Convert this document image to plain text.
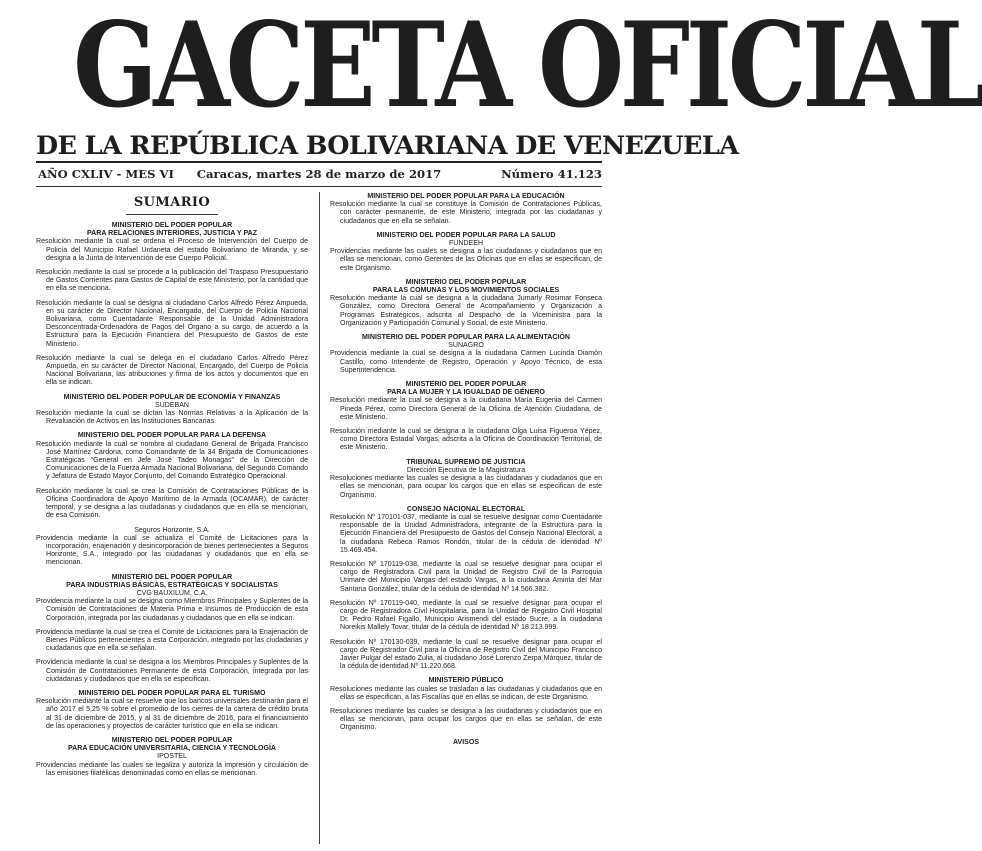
GACETA OFICIAL
DE LA REPÚBLICA BOLIVARIANA DE VENEZUELA
AÑO CXLIV - MES VI	Caracas, martes 28 de marzo de 2017	Número 41.123
SUMARIO
MINISTERIO DEL PODER POPULAR
PARA RELACIONES INTERIORES, JUSTICIA Y PAZ
Resolución mediante la cual se ordena el Proceso de Intervención del Cuerpo de Policía del Municipio Rafael Urdaneta del estado Bolivariano de Miranda, y se designa a la Junta de Intervención de ese Cuerpo Policial.
Resolución mediante la cual se procede a la publicación del Traspaso Presupuestario de Gastos Corrientes para Gastos de Capital de este Ministerio, por la cantidad que en ella se menciona.
Resolución mediante la cual se designa al ciudadano Carlos Alfredo Pérez Ampueda, en su carácter de Director Nacional, Encargado, del Cuerpo de Policía Nacional Bolivariana, como Cuentadante Responsable de la Unidad Administradora Desconcentrada-Ordenadora de Pagos del Órgano a su cargo, de acuerdo a la Estructura para la Ejecución Financiera del Presupuesto de Gastos de este Ministerio.
Resolución mediante la cual se delega en el ciudadano Carlos Alfredo Pérez Ampueda, en su carácter de Director Nacional, Encargado, del Cuerpo de Policía Nacional Bolivariana, las atribuciones y firma de los actos y documentos que en ella se indican.
MINISTERIO DEL PODER POPULAR DE ECONOMÍA Y FINANZAS
SUDEBAN
Resolución mediante la cual se dictan las Normas Relativas a la Aplicación de la Revaluación de Activos en las Instituciones Bancarias.
MINISTERIO DEL PODER POPULAR PARA LA DEFENSA
Resolución mediante la cual se nombra al ciudadano General de Brigada Francisco José Martínez Cardona, como Comandante de la 34 Brigada de Comunicaciones Estratégicas "General en Jefe José Tadeo Monagas" de la Dirección de Comunicaciones de la Fuerza Armada Nacional Bolivariana, del Segundo Comando y Jefatura de Estado Mayor Conjunto, del Comando Estratégico Operacional.
Resolución mediante la cual se crea la Comisión de Contrataciones Públicas de la Oficina Coordinadora de Apoyo Marítimo de la Armada (OCAMAR), de carácter temporal, y se designa a las ciudadanas y ciudadanos que en ella se mencionan, de esa Comisión.
Seguros Horizonte, S.A.
Providencia mediante la cual se actualiza el Comité de Licitaciones para la incorporación, enajenación y desincorporación de bienes pertenecientes a Seguros Horizonte, S.A., integrado por las ciudadanas y ciudadanos que en ella se mencionan.
MINISTERIO DEL PODER POPULAR
PARA INDUSTRIAS BÁSICAS, ESTRATÉGICAS Y SOCIALISTAS
CVG BAUXILUM, C.A.
Providencia mediante la cual se designa como Miembros Principales y Suplentes de la Comisión de Contrataciones de Materia Prima e Insumos de Producción de esta Corporación, integrada por las ciudadanas y ciudadanos que en ella se indican.
Providencia mediante la cual se crea el Comité de Licitaciones para la Enajenación de Bienes Públicos pertenecientes a esta Corporación, integrado por las ciudadanas y ciudadanos que en ella se señalan.
Providencia mediante la cual se designa a los Miembros Principales y Suplentes de la Comisión de Contrataciones Permanente de esta Corporación, integrada por las ciudadanas y ciudadanos que en ella se especifican.
MINISTERIO DEL PODER POPULAR PARA EL TURISMO
Resolución mediante la cual se resuelve que los bancos universales destinarán para el año 2017 el 5,25 % sobre el promedio de los cierres de la cartera de crédito bruta al 31 de diciembre de 2015, y al 31 de diciembre de 2016, para el financiamiento de las operaciones y proyectos de carácter turístico que en ella se indican.
MINISTERIO DEL PODER POPULAR
PARA EDUCACIÓN UNIVERSITARIA, CIENCIA Y TECNOLOGÍA
IPOSTEL
Providencias mediante las cuales se legaliza y autoriza la impresión y circulación de las emisiones filatélicas denominadas como en ellas se mencionan.
MINISTERIO DEL PODER POPULAR PARA LA EDUCACIÓN
Resolución mediante la cual se constituye la Comisión de Contrataciones Públicas, con carácter permanente, de este Ministerio, integrada por las ciudadanas y ciudadanos que en ella se señalan.
MINISTERIO DEL PODER POPULAR PARA LA SALUD
FUNDEEH
Providencias mediante las cuales se designa a las ciudadanas y ciudadanos que en ellas se mencionan, como Gerentes de las Oficinas que en ellas se especifican, de este Organismo.
MINISTERIO DEL PODER POPULAR
PARA LAS COMUNAS Y LOS MOVIMIENTOS SOCIALES
Resolución mediante la cual se designa a la ciudadana Jumarly Rosimar Fonseca González, como Directora General de Acompañamiento y Organización a Programas Estratégicos, adscrita al Despacho de la Viceministra para la Organización y Participación Comunal y Social, de este Ministerio.
MINISTERIO DEL PODER POPULAR PARA LA ALIMENTACIÓN
SUNAGRO
Providencia mediante la cual se designa a la ciudadana Carmen Lucinda Diamón Castillo, como Intendente de Registro, Operación y Apoyo Técnico, de esta Superintendencia.
MINISTERIO DEL PODER POPULAR
PARA LA MUJER Y LA IGUALDAD DE GÉNERO
Resolución mediante la cual se designa a la ciudadana María Eugenia del Carmen Pineda Pérez, como Directora General de la Oficina de Atención Ciudadana, de este Ministerio.
Resolución mediante la cual se designa a la ciudadana Olga Luisa Figueroa Yépez, como Directora Estadal Vargas, adscrita a la Oficina de Coordinación Territorial, de este Ministerio.
TRIBUNAL SUPREMO DE JUSTICIA
Dirección Ejecutiva de la Magistratura
Resoluciones mediante las cuales se designa a las ciudadanas y ciudadanos que en ellas se mencionan, para ocupar los cargos que en ellas se especifican de este Organismo.
CONSEJO NACIONAL ELECTORAL
Resolución Nº 170101-037, mediante la cual se resuelve designar como Cuentadante responsable de la Unidad Administradora, integrante de la Estructura para la Ejecución Financiera del Presupuesto de Gastos del Consejo Nacional Electoral, a la ciudadana Rebeca Ramos Rondón, titular de la cédula de identidad Nº 15.469.454.
Resolución Nº 170119-038, mediante la cual se resuelve designar para ocupar el cargo de Registradora Civil para la Unidad de Registro Civil de la Parroquia Urimare del Municipio Vargas del estado Vargas, a la ciudadana Aminta del Mar Santana González, titular de la cédula de identidad Nº 14.566.382.
Resolución Nº 170119-040, mediante la cual se resuelve designar para ocupar el cargo de Registradora Civil Hospitalaria, para la Unidad de Registro Civil Hospital Dr. Pedro Rafael Figallo, Municipio Arismendi del estado Sucre, a la ciudadana Noreikis Mallely Tovar, titular de la cédula de identidad Nº 18.213.999.
Resolución Nº 170130-039, mediante la cual se resuelve designar para ocupar el cargo de Registrador Civil para la Oficina de Registro Civil del Municipio Francisco Javier Pulgar del estado Zulia, al ciudadano José Lorenzo Zerpa Márquez, titular de la cédula de identidad Nº 11.220.668.
MINISTERIO PÚBLICO
Resoluciones mediante las cuales se trasladan a las ciudadanas y ciudadanos que en ellas se especifican, a las Fiscalías que en ellas se indican, de este Organismo.
Resoluciones mediante las cuales se designa a las ciudadanas y ciudadanos que en ellas se mencionan, para ocupar los cargos que en ellas se señalan, de este Organismo.
AVISOS
